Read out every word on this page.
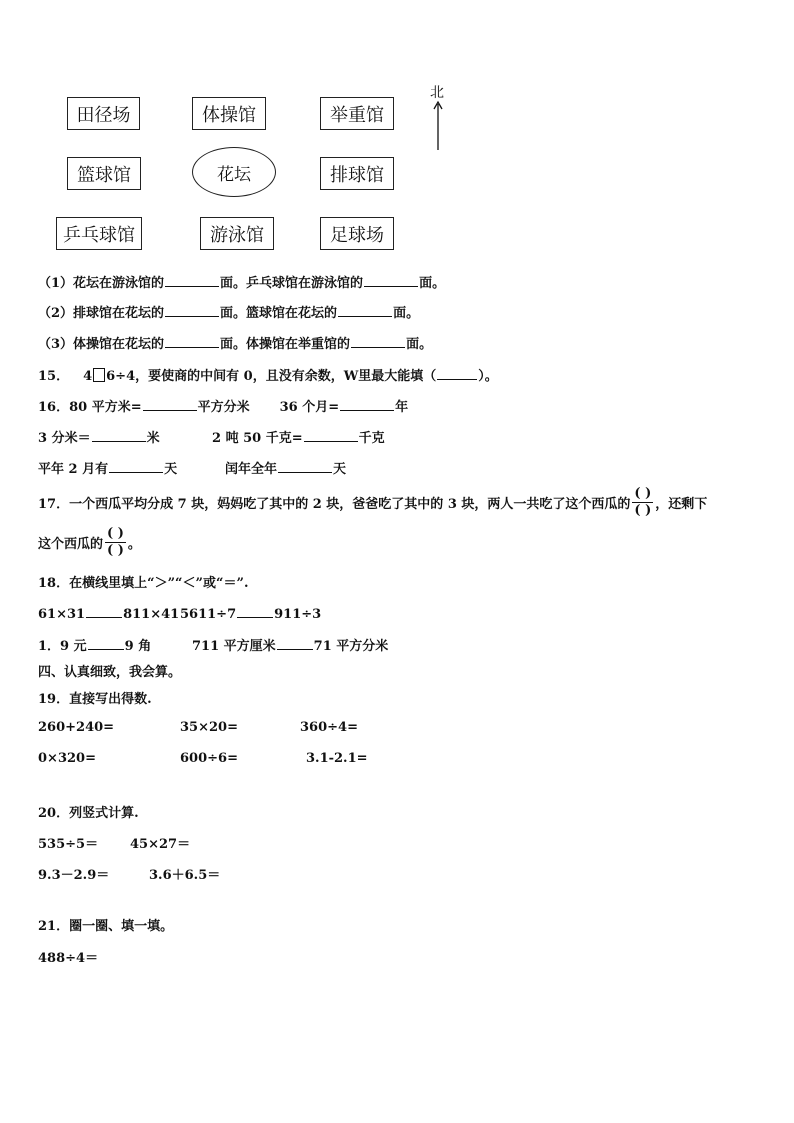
田径场	体操馆	举重馆
篮球馆	花坛	排球馆
乒乓球馆	游泳馆	足球场
北
（1）花坛在游泳馆的	面。乒乓球馆在游泳馆的	面。
（2）排球馆在花坛的	面。篮球馆在花坛的	面。
（3）体操馆在花坛的	面。体操馆在举重馆的	面。
15． 4 6÷4，要使商的中间有 0，且没有余数，W里最大能填（	）。
16．80 平方米=	平方分米 36 个月=	年
3 分米＝	米	2 吨 50 千克=	千克
平年 2 月有	天	闰年全年	天
17． 一个西瓜平均分成 7 块，妈妈吃了其中的 2 块，爸爸吃了其中的 3 块，两人一共吃了这个西瓜的 $\frac{( )}{( )}$ ，还剩下
这个西瓜的 $\frac{( )}{( )}$ 。
18．在横线里填上“＞”“＜”或“＝”.
61×31	811×41 5611÷7	911÷3
1．9 元	9 角	711 平方厘米	71 平方分米
四、认真细致，我会算。
19．直接写出得数.
260+240=	35×20=	360÷4=
0×320=	600÷6=	3.1-2.1=
20．列竖式计算.
535÷5＝ 45×27＝
9.3－2.9＝	3.6＋6.5＝
21．圈一圈、填一填。
488÷4＝
